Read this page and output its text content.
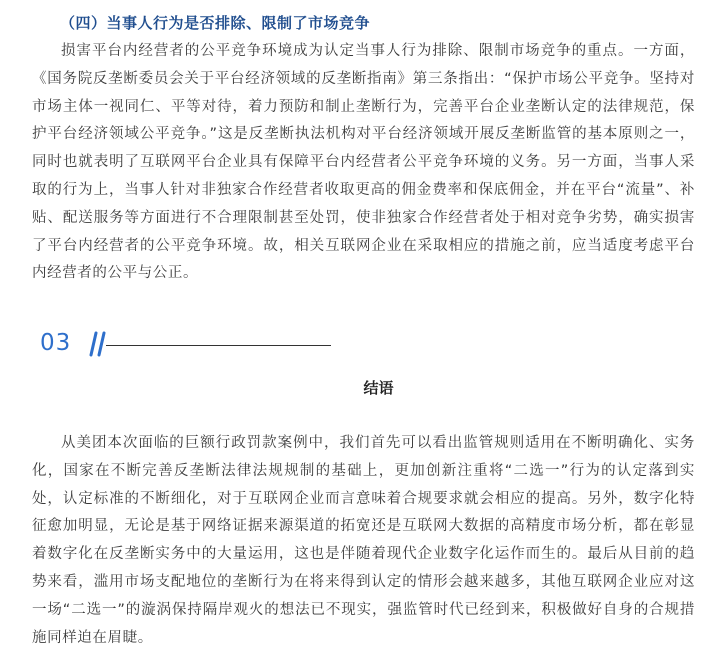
（四）当事人行为是否排除、限制了市场竞争

损害平台内经营者的公平竞争环境成为认定当事人行为排除、限制市场竞争的重点。一方面，《国务院反垄断委员会关于平台经济领域的反垄断指南》第三条指出：“保护市场公平竞争。坚持对市场主体一视同仁、平等对待，着力预防和制止垄断行为，完善平台企业垄断认定的法律规范，保护平台经济领域公平竞争。”这是反垄断执法机构对平台经济领域开展反垄断监管的基本原则之一，同时也就表明了互联网平台企业具有保障平台内经营者公平竞争环境的义务。另一方面，当事人采取的行为上，当事人针对非独家合作经营者收取更高的佣金费率和保底佣金，并在平台“流量”、补贴、配送服务等方面进行不合理限制甚至处罚，使非独家合作经营者处于相对竞争劣势，确实损害了平台内经营者的公平竞争环境。故，相关互联网企业在采取相应的措施之前，应当适度考虑平台内经营者的公平与公正。

03
结语

从美团本次面临的巨额行政罚款案例中，我们首先可以看出监管规则适用在不断明确化、实务化，国家在不断完善反垄断法律法规规制的基础上，更加创新注重将“二选一”行为的认定落到实处，认定标准的不断细化，对于互联网企业而言意味着合规要求就会相应的提高。另外，数字化特征愈加明显，无论是基于网络证据来源渠道的拓宽还是互联网大数据的高精度市场分析，都在彰显着数字化在反垄断实务中的大量运用，这也是伴随着现代企业数字化运作而生的。最后从目前的趋势来看，滥用市场支配地位的垄断行为在将来得到认定的情形会越来越多，其他互联网企业应对这一场“二选一”的漩涡保持隔岸观火的想法已不现实，强监管时代已经到来，积极做好自身的合规措施同样迫在眉睫。
